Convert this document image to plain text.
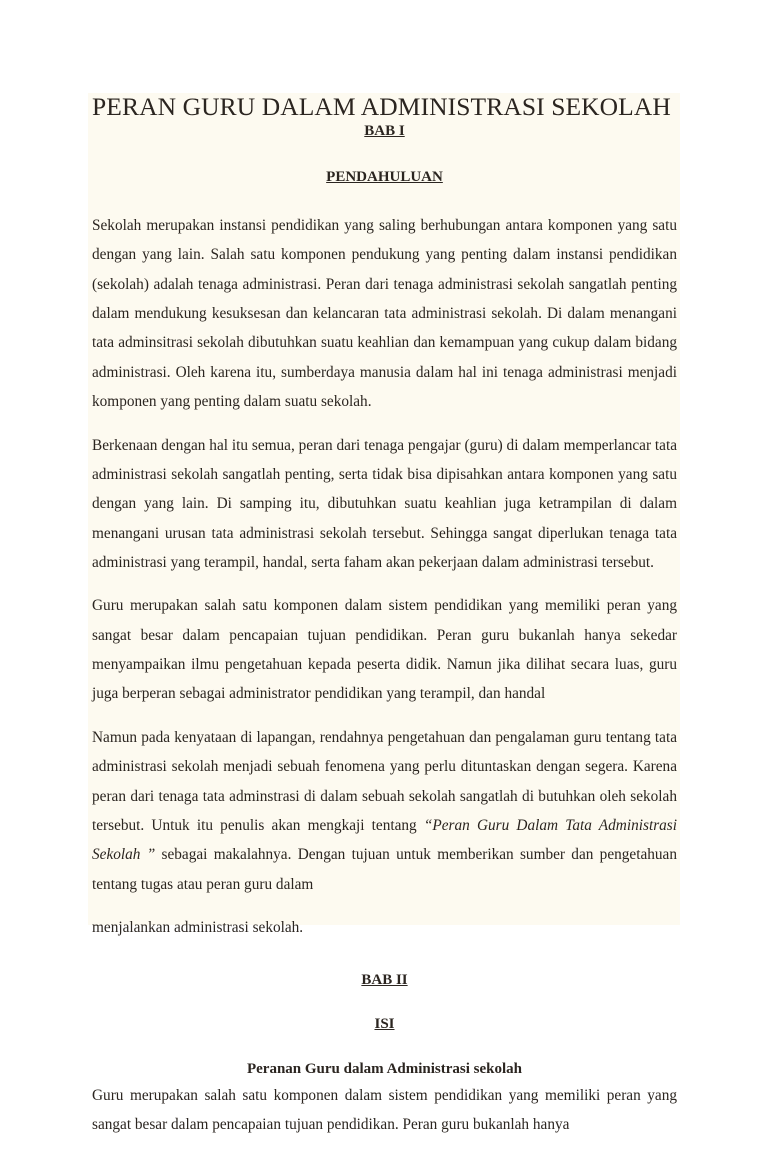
PERAN GURU DALAM ADMINISTRASI SEKOLAH
BAB I
PENDAHULUAN

Sekolah merupakan instansi pendidikan yang saling berhubungan antara komponen yang satu dengan yang lain. Salah satu komponen pendukung yang penting dalam instansi pendidikan (sekolah) adalah tenaga administrasi. Peran dari tenaga administrasi sekolah sangatlah penting dalam mendukung kesuksesan dan kelancaran tata administrasi sekolah. Di dalam menangani tata adminsitrasi sekolah dibutuhkan suatu keahlian dan kemampuan yang cukup dalam bidang administrasi. Oleh karena itu, sumberdaya manusia dalam hal ini tenaga administrasi menjadi komponen yang penting dalam suatu sekolah.

Berkenaan dengan hal itu semua, peran dari tenaga pengajar (guru) di dalam memperlancar tata administrasi sekolah sangatlah penting, serta tidak bisa dipisahkan antara komponen yang satu dengan yang lain. Di samping itu, dibutuhkan suatu keahlian juga ketrampilan di dalam menangani urusan tata administrasi sekolah tersebut. Sehingga sangat diperlukan tenaga tata administrasi yang terampil, handal, serta faham akan pekerjaan dalam administrasi tersebut.

Guru merupakan salah satu komponen dalam sistem pendidikan yang memiliki peran yang sangat besar dalam pencapaian tujuan pendidikan. Peran guru bukanlah hanya sekedar menyampaikan ilmu pengetahuan kepada peserta didik. Namun jika dilihat secara luas, guru juga berperan sebagai administrator pendidikan yang terampil, dan handal

Namun pada kenyataan di lapangan, rendahnya pengetahuan dan pengalaman guru tentang tata administrasi sekolah menjadi sebuah fenomena yang perlu dituntaskan dengan segera. Karena peran dari tenaga tata adminstrasi di dalam sebuah sekolah sangatlah di butuhkan oleh sekolah tersebut. Untuk itu penulis akan mengkaji tentang “Peran Guru Dalam Tata Administrasi Sekolah ” sebagai makalahnya. Dengan tujuan untuk memberikan sumber dan pengetahuan tentang tugas atau peran guru dalam

menjalankan administrasi sekolah.

BAB II
ISI
Peranan Guru dalam Administrasi sekolah

Guru merupakan salah satu komponen dalam sistem pendidikan yang memiliki peran yang sangat besar dalam pencapaian tujuan pendidikan. Peran guru bukanlah hanya
